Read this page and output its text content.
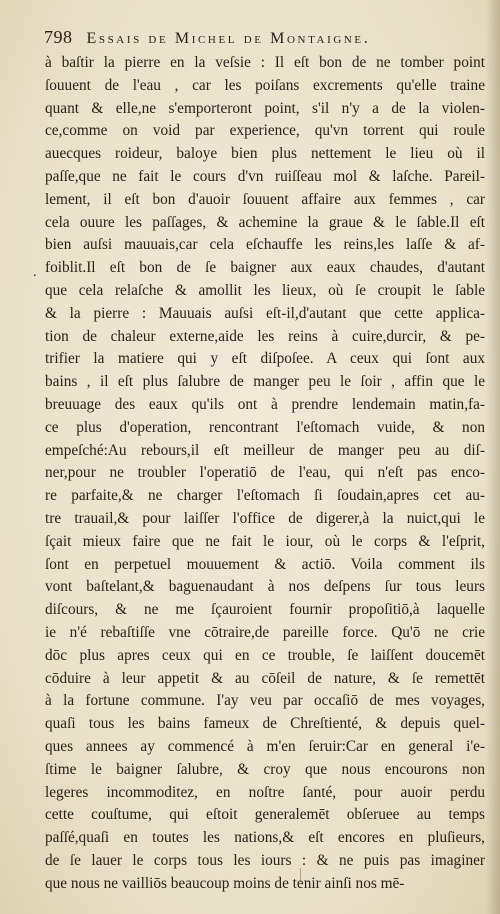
798 Essais de Michel de Montaigne.
.
à baſtir la pierre en la veſsie : Il eſt bon de ne tomber point
ſouuent de l'eau , car les poiſans excrements qu'elle traine
quant & elle,ne s'emporteront point, s'il n'y a de la violen-
ce,comme on void par experience, qu'vn torrent qui roule
auecques roideur, baloye bien plus nettement le lieu où il
paſſe,que ne fait le cours d'vn ruiſſeau mol & laſche. Pareil-
lement, il eſt bon d'auoir ſouuent affaire aux femmes , car
cela ouure les paſſages, & achemine la graue & le ſable.Il eſt
bien auſsi mauuais,car cela eſchauffe les reins,les laſſe & af-
foiblit.Il eſt bon de ſe baigner aux eaux chaudes, d'autant
que cela relaſche & amollit les lieux, où ſe croupit le ſable
& la pierre : Mauuais auſsi eſt-il,d'autant que cette applica-
tion de chaleur externe,aide les reins à cuire,durcir, & pe-
trifier la matiere qui y eſt diſpoſee. A ceux qui ſont aux
bains , il eſt plus ſalubre de manger peu le ſoir , affin que le
breuuage des eaux qu'ils ont à prendre lendemain matin,fa-
ce plus d'operation, rencontrant l'eſtomach vuide, & non
empeſché:Au rebours,il eſt meilleur de manger peu au diſ-
ner,pour ne troubler l'operatiō de l'eau, qui n'eſt pas enco-
re parfaite,& ne charger l'eſtomach ſi ſoudain,apres cet au-
tre trauail,& pour laiſſer l'office de digerer,à la nuict,qui le
ſçait mieux faire que ne fait le iour, où le corps & l'eſprit,
ſont en perpetuel mouuement & actiō. Voila comment ils
vont baſtelant,& baguenaudant à nos deſpens ſur tous leurs
diſcours, & ne me ſçauroient fournir propoſitiō,à laquelle
ie n'é rebaſtiſſe vne cōtraire,de pareille force. Qu'ō ne crie
dōc plus apres ceux qui en ce trouble, ſe laiſſent doucemēt
cōduire à leur appetit & au cōſeil de nature, & ſe remettēt
à la fortune commune. I'ay veu par occaſiō de mes voyages,
quaſi tous les bains fameux de Chreſtienté, & depuis quel-
ques annees ay commencé à m'en ſeruir:Car en general i'e-
ſtime le baigner ſalubre, & croy que nous encourons non
legeres incommoditez, en noſtre ſanté, pour auoir perdu
cette couſtume, qui eſtoit generalemēt obſeruee au temps
paſſé,quaſi en toutes les nations,& eſt encores en pluſieurs,
de ſe lauer le corps tous les iours : & ne puis pas imaginer
que nous ne vailliōs beaucoup moins de tenir ainſi nos mē-
